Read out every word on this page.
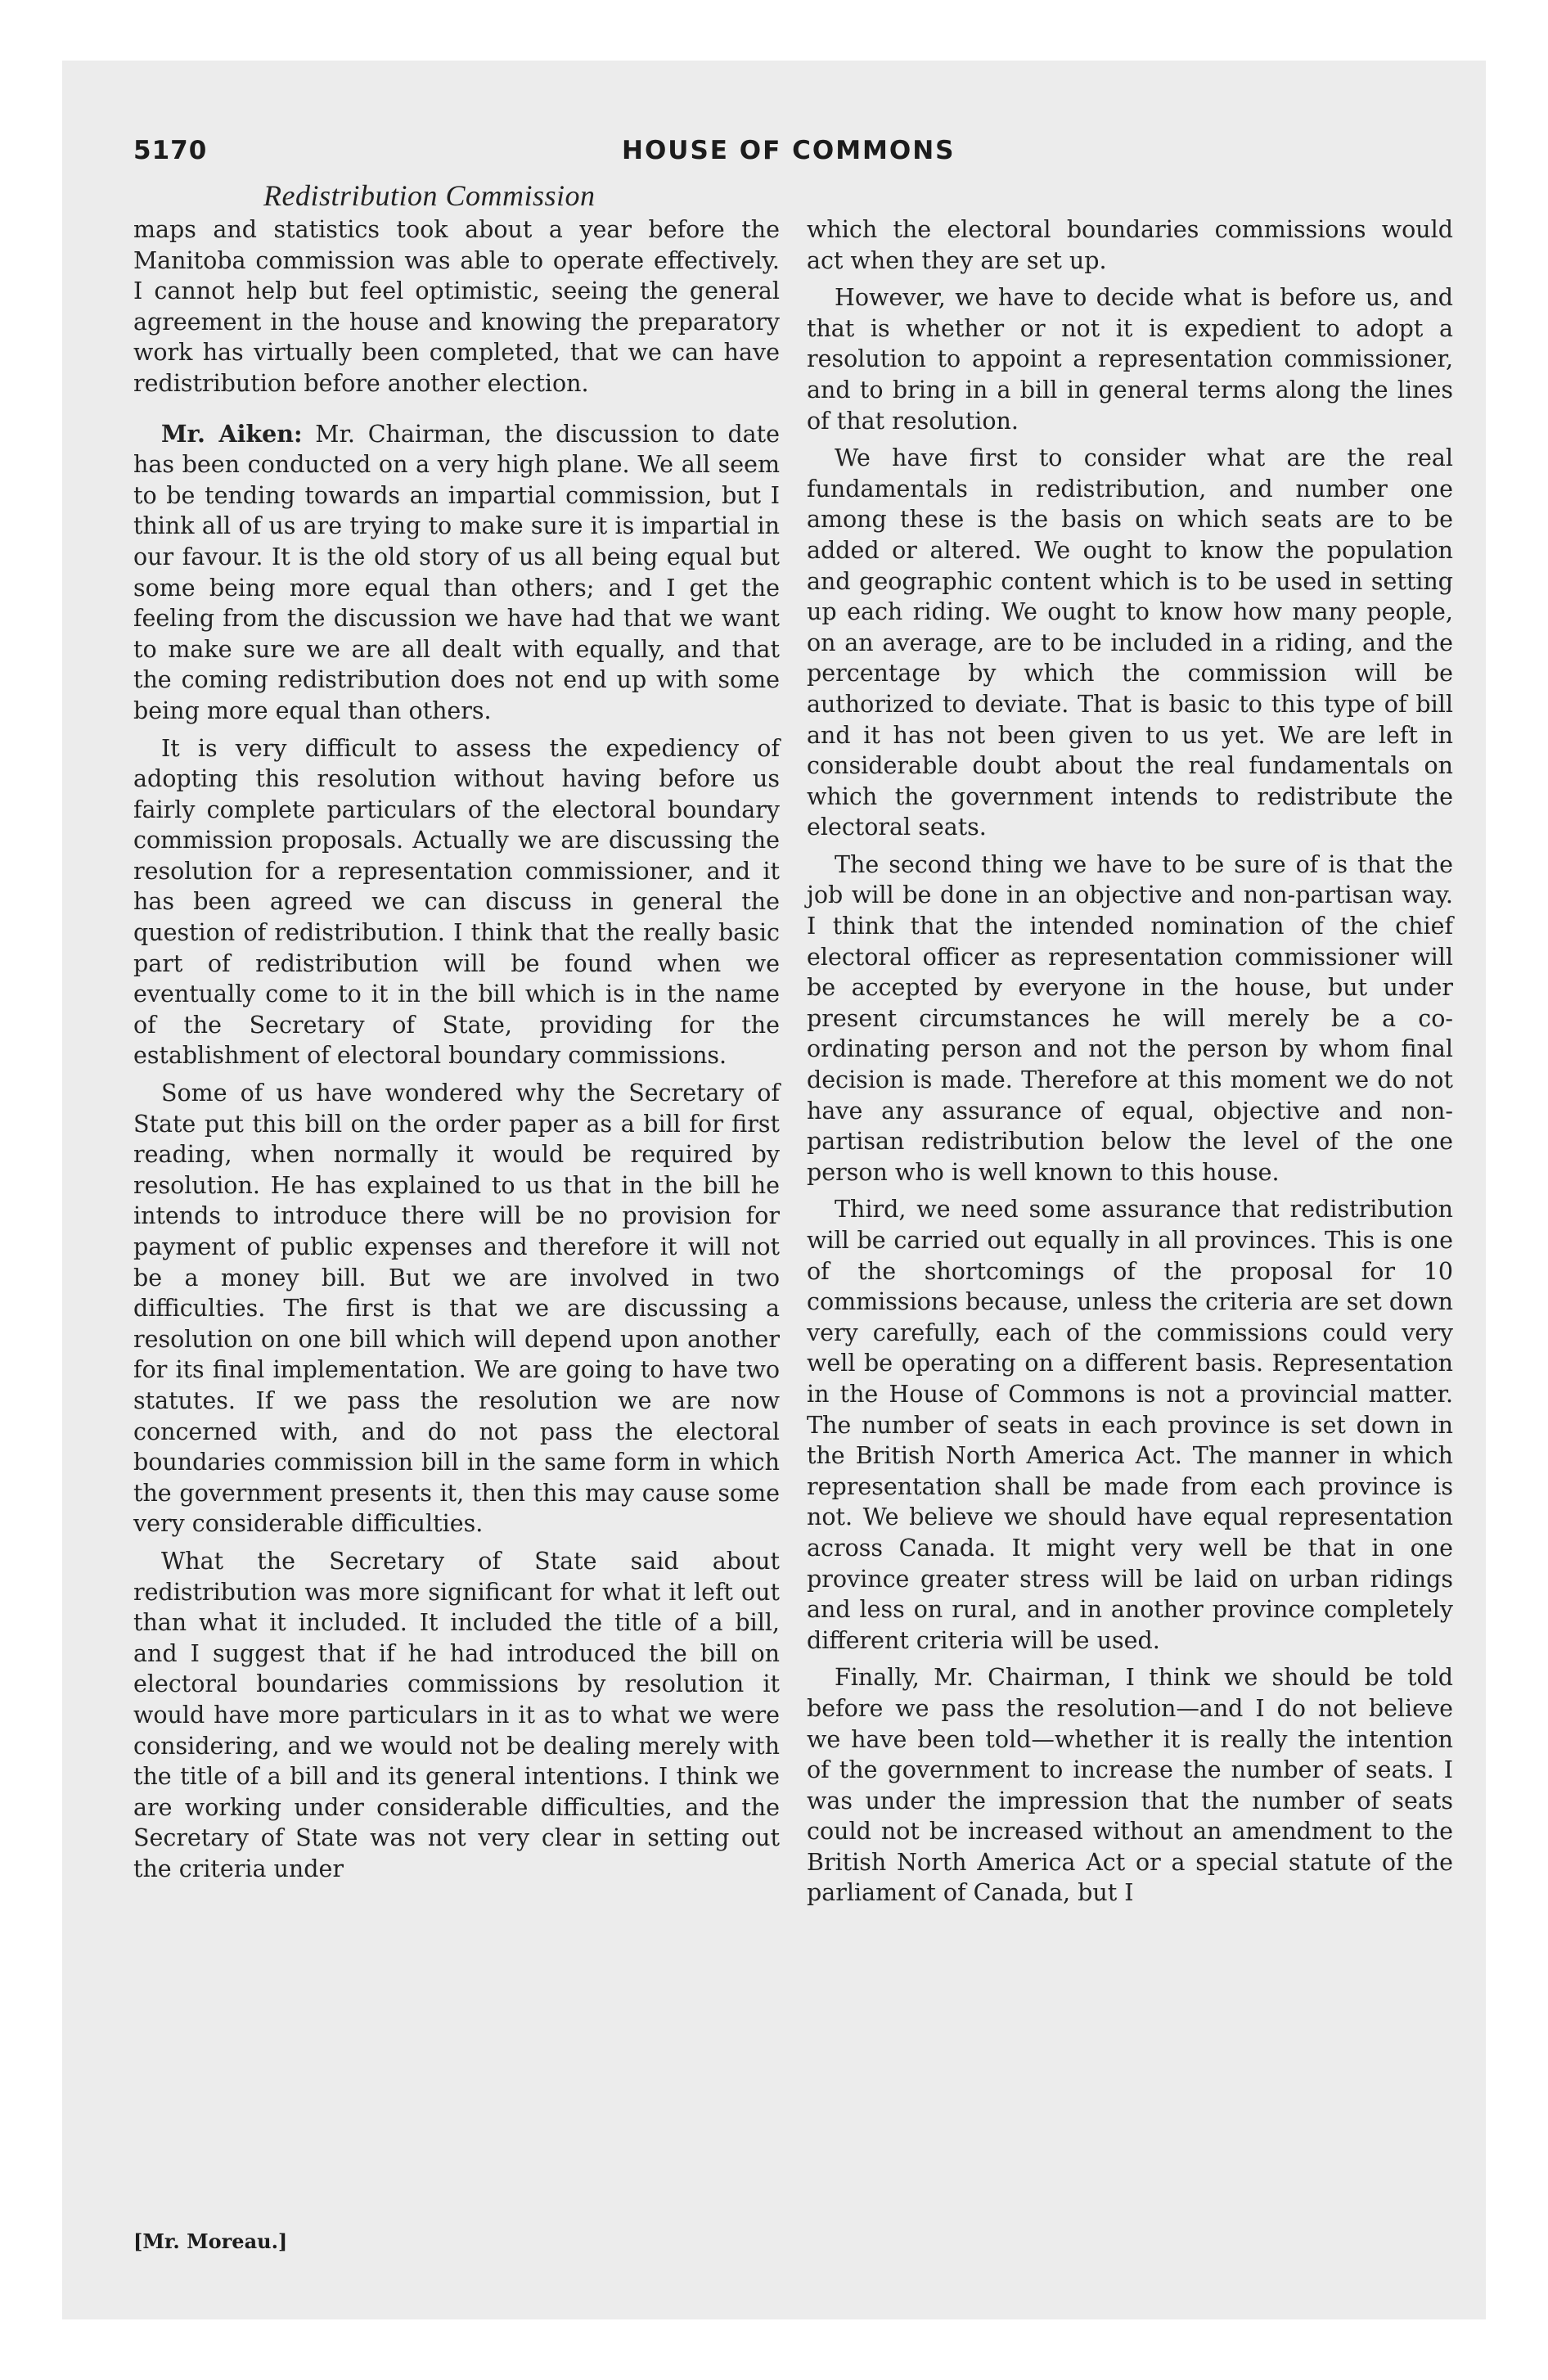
5170	HOUSE OF COMMONS
Redistribution Commission

maps and statistics took about a year before the Manitoba commission was able to operate effectively. I cannot help but feel optimistic, seeing the general agreement in the house and knowing the preparatory work has virtually been completed, that we can have redistribution before another election.

Mr. Aiken: Mr. Chairman, the discussion to date has been conducted on a very high plane. We all seem to be tending towards an impartial commission, but I think all of us are trying to make sure it is impartial in our favour. It is the old story of us all being equal but some being more equal than others; and I get the feeling from the discussion we have had that we want to make sure we are all dealt with equally, and that the coming redistribution does not end up with some being more equal than others.

It is very difficult to assess the expediency of adopting this resolution without having before us fairly complete particulars of the electoral boundary commission proposals. Actually we are discussing the resolution for a representation commissioner, and it has been agreed we can discuss in general the question of redistribution. I think that the really basic part of redistribution will be found when we eventually come to it in the bill which is in the name of the Secretary of State, providing for the establishment of electoral boundary commissions.

Some of us have wondered why the Secretary of State put this bill on the order paper as a bill for first reading, when normally it would be required by resolution. He has explained to us that in the bill he intends to introduce there will be no provision for payment of public expenses and therefore it will not be a money bill. But we are involved in two difficulties. The first is that we are discussing a resolution on one bill which will depend upon another for its final implementation. We are going to have two statutes. If we pass the resolution we are now concerned with, and do not pass the electoral boundaries commission bill in the same form in which the government presents it, then this may cause some very considerable difficulties.

What the Secretary of State said about redistribution was more significant for what it left out than what it included. It included the title of a bill, and I suggest that if he had introduced the bill on electoral boundaries commissions by resolution it would have more particulars in it as to what we were considering, and we would not be dealing merely with the title of a bill and its general intentions. I think we are working under considerable difficulties, and the Secretary of State was not very clear in setting out the criteria under

which the electoral boundaries commissions would act when they are set up.

However, we have to decide what is before us, and that is whether or not it is expedient to adopt a resolution to appoint a representation commissioner, and to bring in a bill in general terms along the lines of that resolution.

We have first to consider what are the real fundamentals in redistribution, and number one among these is the basis on which seats are to be added or altered. We ought to know the population and geographic content which is to be used in setting up each riding. We ought to know how many people, on an average, are to be included in a riding, and the percentage by which the commission will be authorized to deviate. That is basic to this type of bill and it has not been given to us yet. We are left in considerable doubt about the real fundamentals on which the government intends to redistribute the electoral seats.

The second thing we have to be sure of is that the job will be done in an objective and non-partisan way. I think that the intended nomination of the chief electoral officer as representation commissioner will be accepted by everyone in the house, but under present circumstances he will merely be a co-ordinating person and not the person by whom final decision is made. Therefore at this moment we do not have any assurance of equal, objective and non-partisan redistribution below the level of the one person who is well known to this house.

Third, we need some assurance that redistribution will be carried out equally in all provinces. This is one of the shortcomings of the proposal for 10 commissions because, unless the criteria are set down very carefully, each of the commissions could very well be operating on a different basis. Representation in the House of Commons is not a provincial matter. The number of seats in each province is set down in the British North America Act. The manner in which representation shall be made from each province is not. We believe we should have equal representation across Canada. It might very well be that in one province greater stress will be laid on urban ridings and less on rural, and in another province completely different criteria will be used.

Finally, Mr. Chairman, I think we should be told before we pass the resolution—and I do not believe we have been told—whether it is really the intention of the government to increase the number of seats. I was under the impression that the number of seats could not be increased without an amendment to the British North America Act or a special statute of the parliament of Canada, but I

[Mr. Moreau.]
